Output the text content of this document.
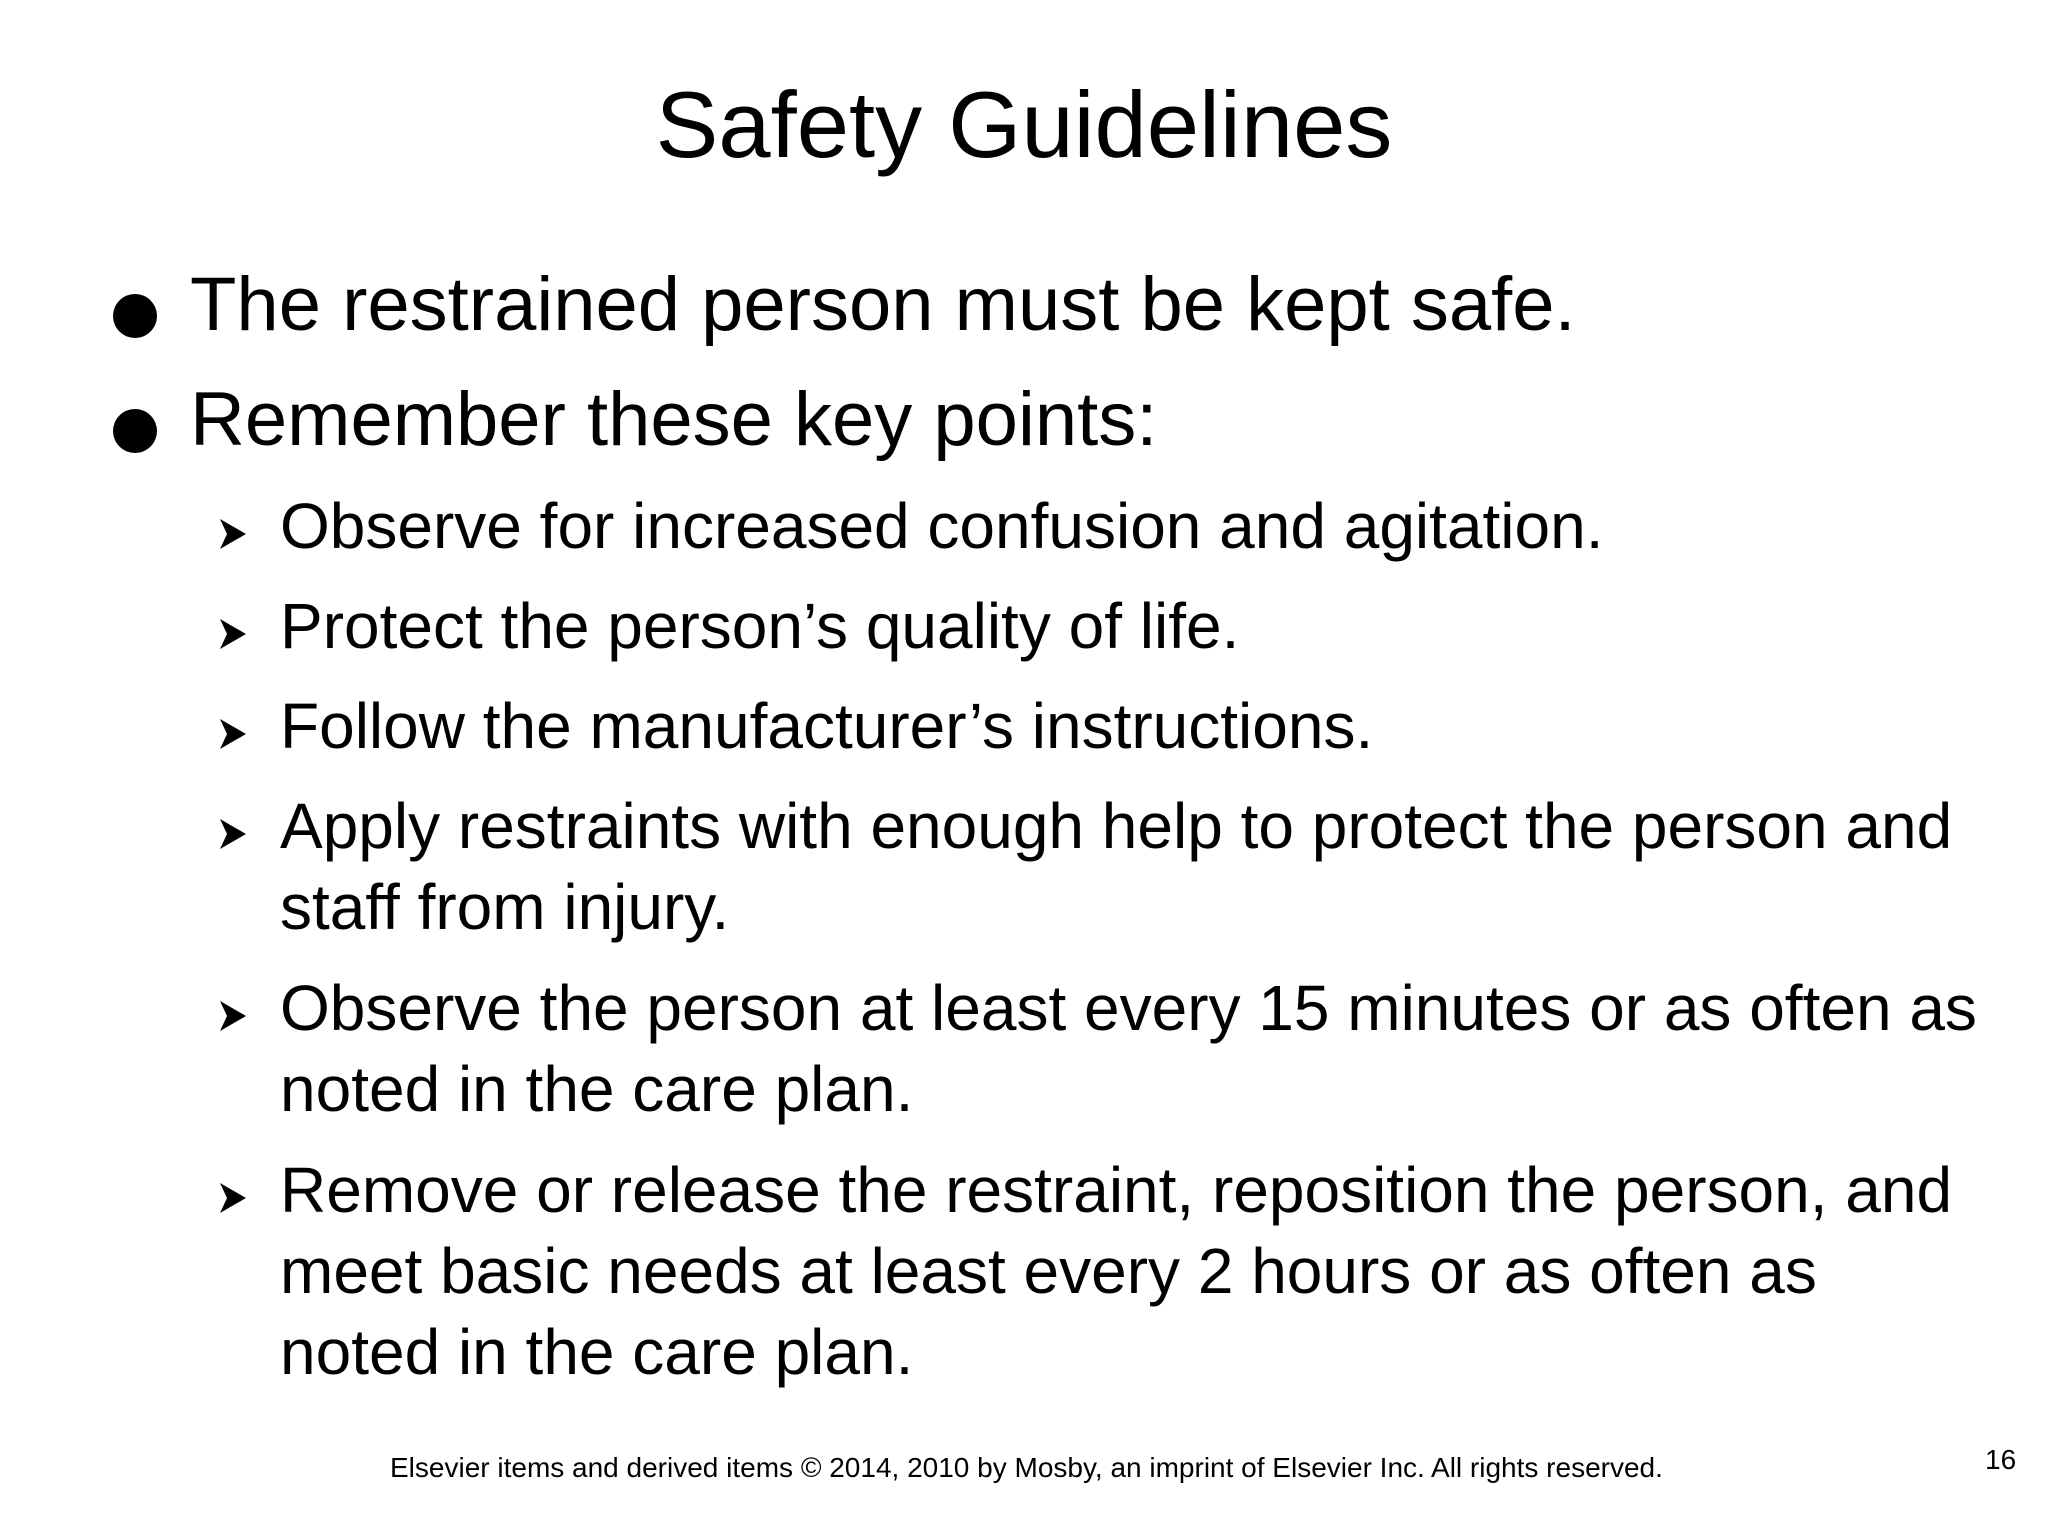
Safety Guidelines
The restrained person must be kept safe.
Remember these key points:
Observe for increased confusion and agitation.
Protect the person’s quality of life.
Follow the manufacturer’s instructions.
Apply restraints with enough help to protect the person and staff from injury.
Observe the person at least every 15 minutes or as often as noted in the care plan.
Remove or release the restraint, reposition the person, and meet basic needs at least every 2 hours or as often as noted in the care plan.
Elsevier items and derived items © 2014, 2010 by Mosby, an imprint of Elsevier Inc. All rights reserved.	16
